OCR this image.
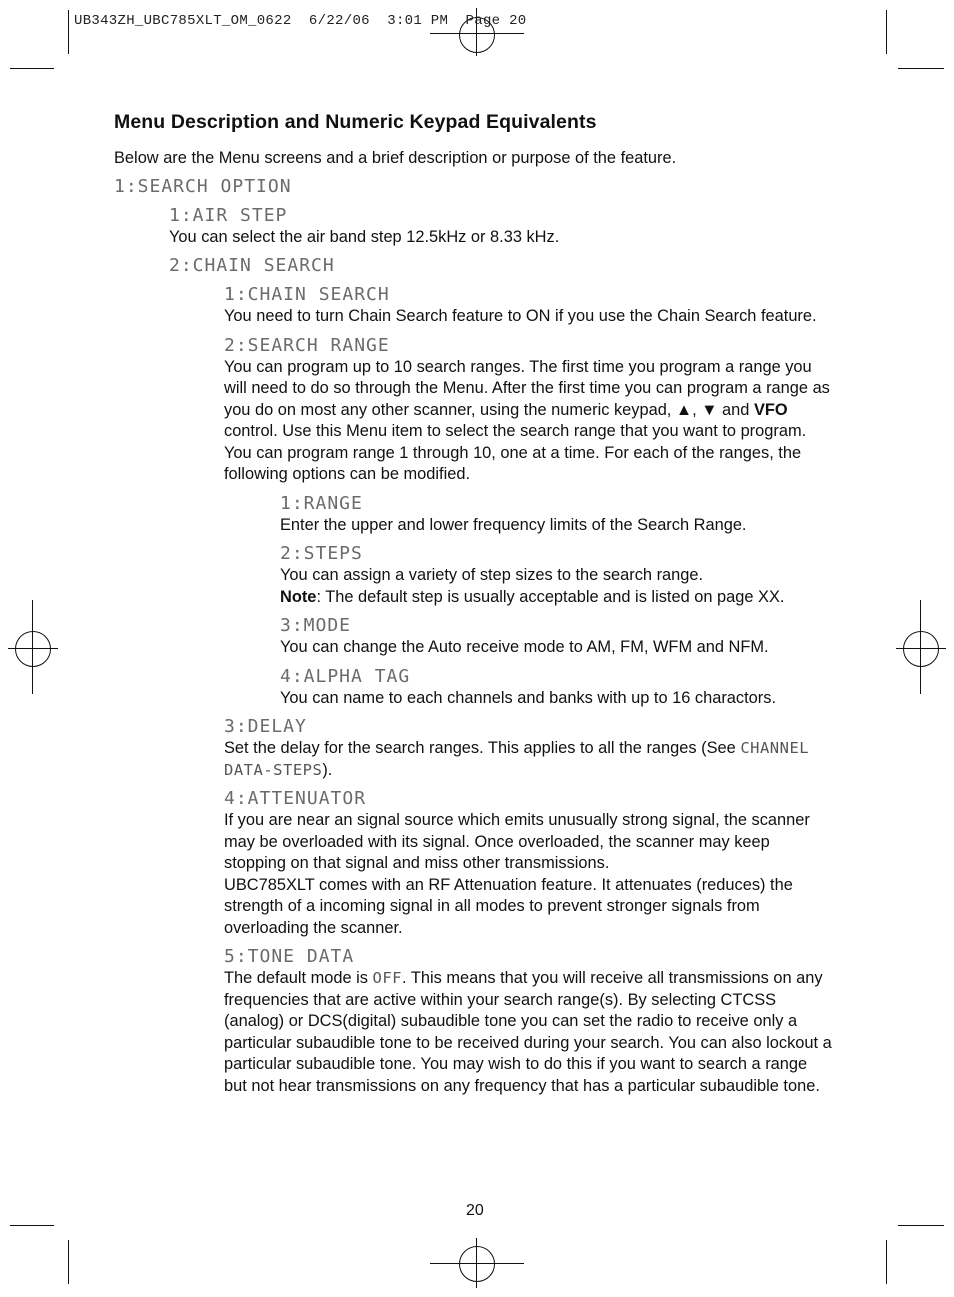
UB343ZH_UBC785XLT_OM_0622  6/22/06  3:01 PM  Page 20
Menu Description and Numeric Keypad Equivalents

Below are the Menu screens and a brief description or purpose of the feature.

1:SEARCH OPTION
1:AIR STEP

You can select the air band step 12.5kHz or 8.33 kHz.

2:CHAIN SEARCH
1:CHAIN SEARCH

You need to turn Chain Search feature to ON if you use the Chain Search feature.

2:SEARCH RANGE

You can program up to 10 search ranges. The first time you program a range you will need to do so through the Menu. After the first time you can program a range as you do on most any other scanner, using the numeric keypad, ▲, ▼ and VFO control. Use this Menu item to select the search range that you want to program.

You can program range 1 through 10, one at a time. For each of the ranges, the following options can be modified.

1:RANGE

Enter the upper and lower frequency limits of the Search Range.

2:STEPS

You can assign a variety of step sizes to the search range.

Note: The default step is usually acceptable and is listed on page XX.

3:MODE

You can change the Auto receive mode to AM, FM, WFM and NFM.

4:ALPHA TAG

You can name to each channels and banks with up to 16 charactors.

3:DELAY

Set the delay for the search ranges. This applies to all the ranges (See CHANNEL DATA-STEPS).

4:ATTENUATOR

If you are near an signal source which emits unusually strong signal, the scanner may be overloaded with its signal. Once overloaded, the scanner may keep stopping on that signal and miss other transmissions.

UBC785XLT comes with an RF Attenuation feature. It attenuates (reduces) the strength of a incoming signal in all modes to prevent stronger signals from overloading the scanner.

5:TONE DATA

The default mode is OFF. This means that you will receive all transmissions on any frequencies that are active within your search range(s). By selecting CTCSS (analog) or DCS(digital) subaudible tone you can set the radio to receive only a particular subaudible tone to be received during your search. You can also lockout a particular subaudible tone. You may wish to do this if you want to search a range but not hear transmissions on any frequency that has a particular subaudible tone.

20
